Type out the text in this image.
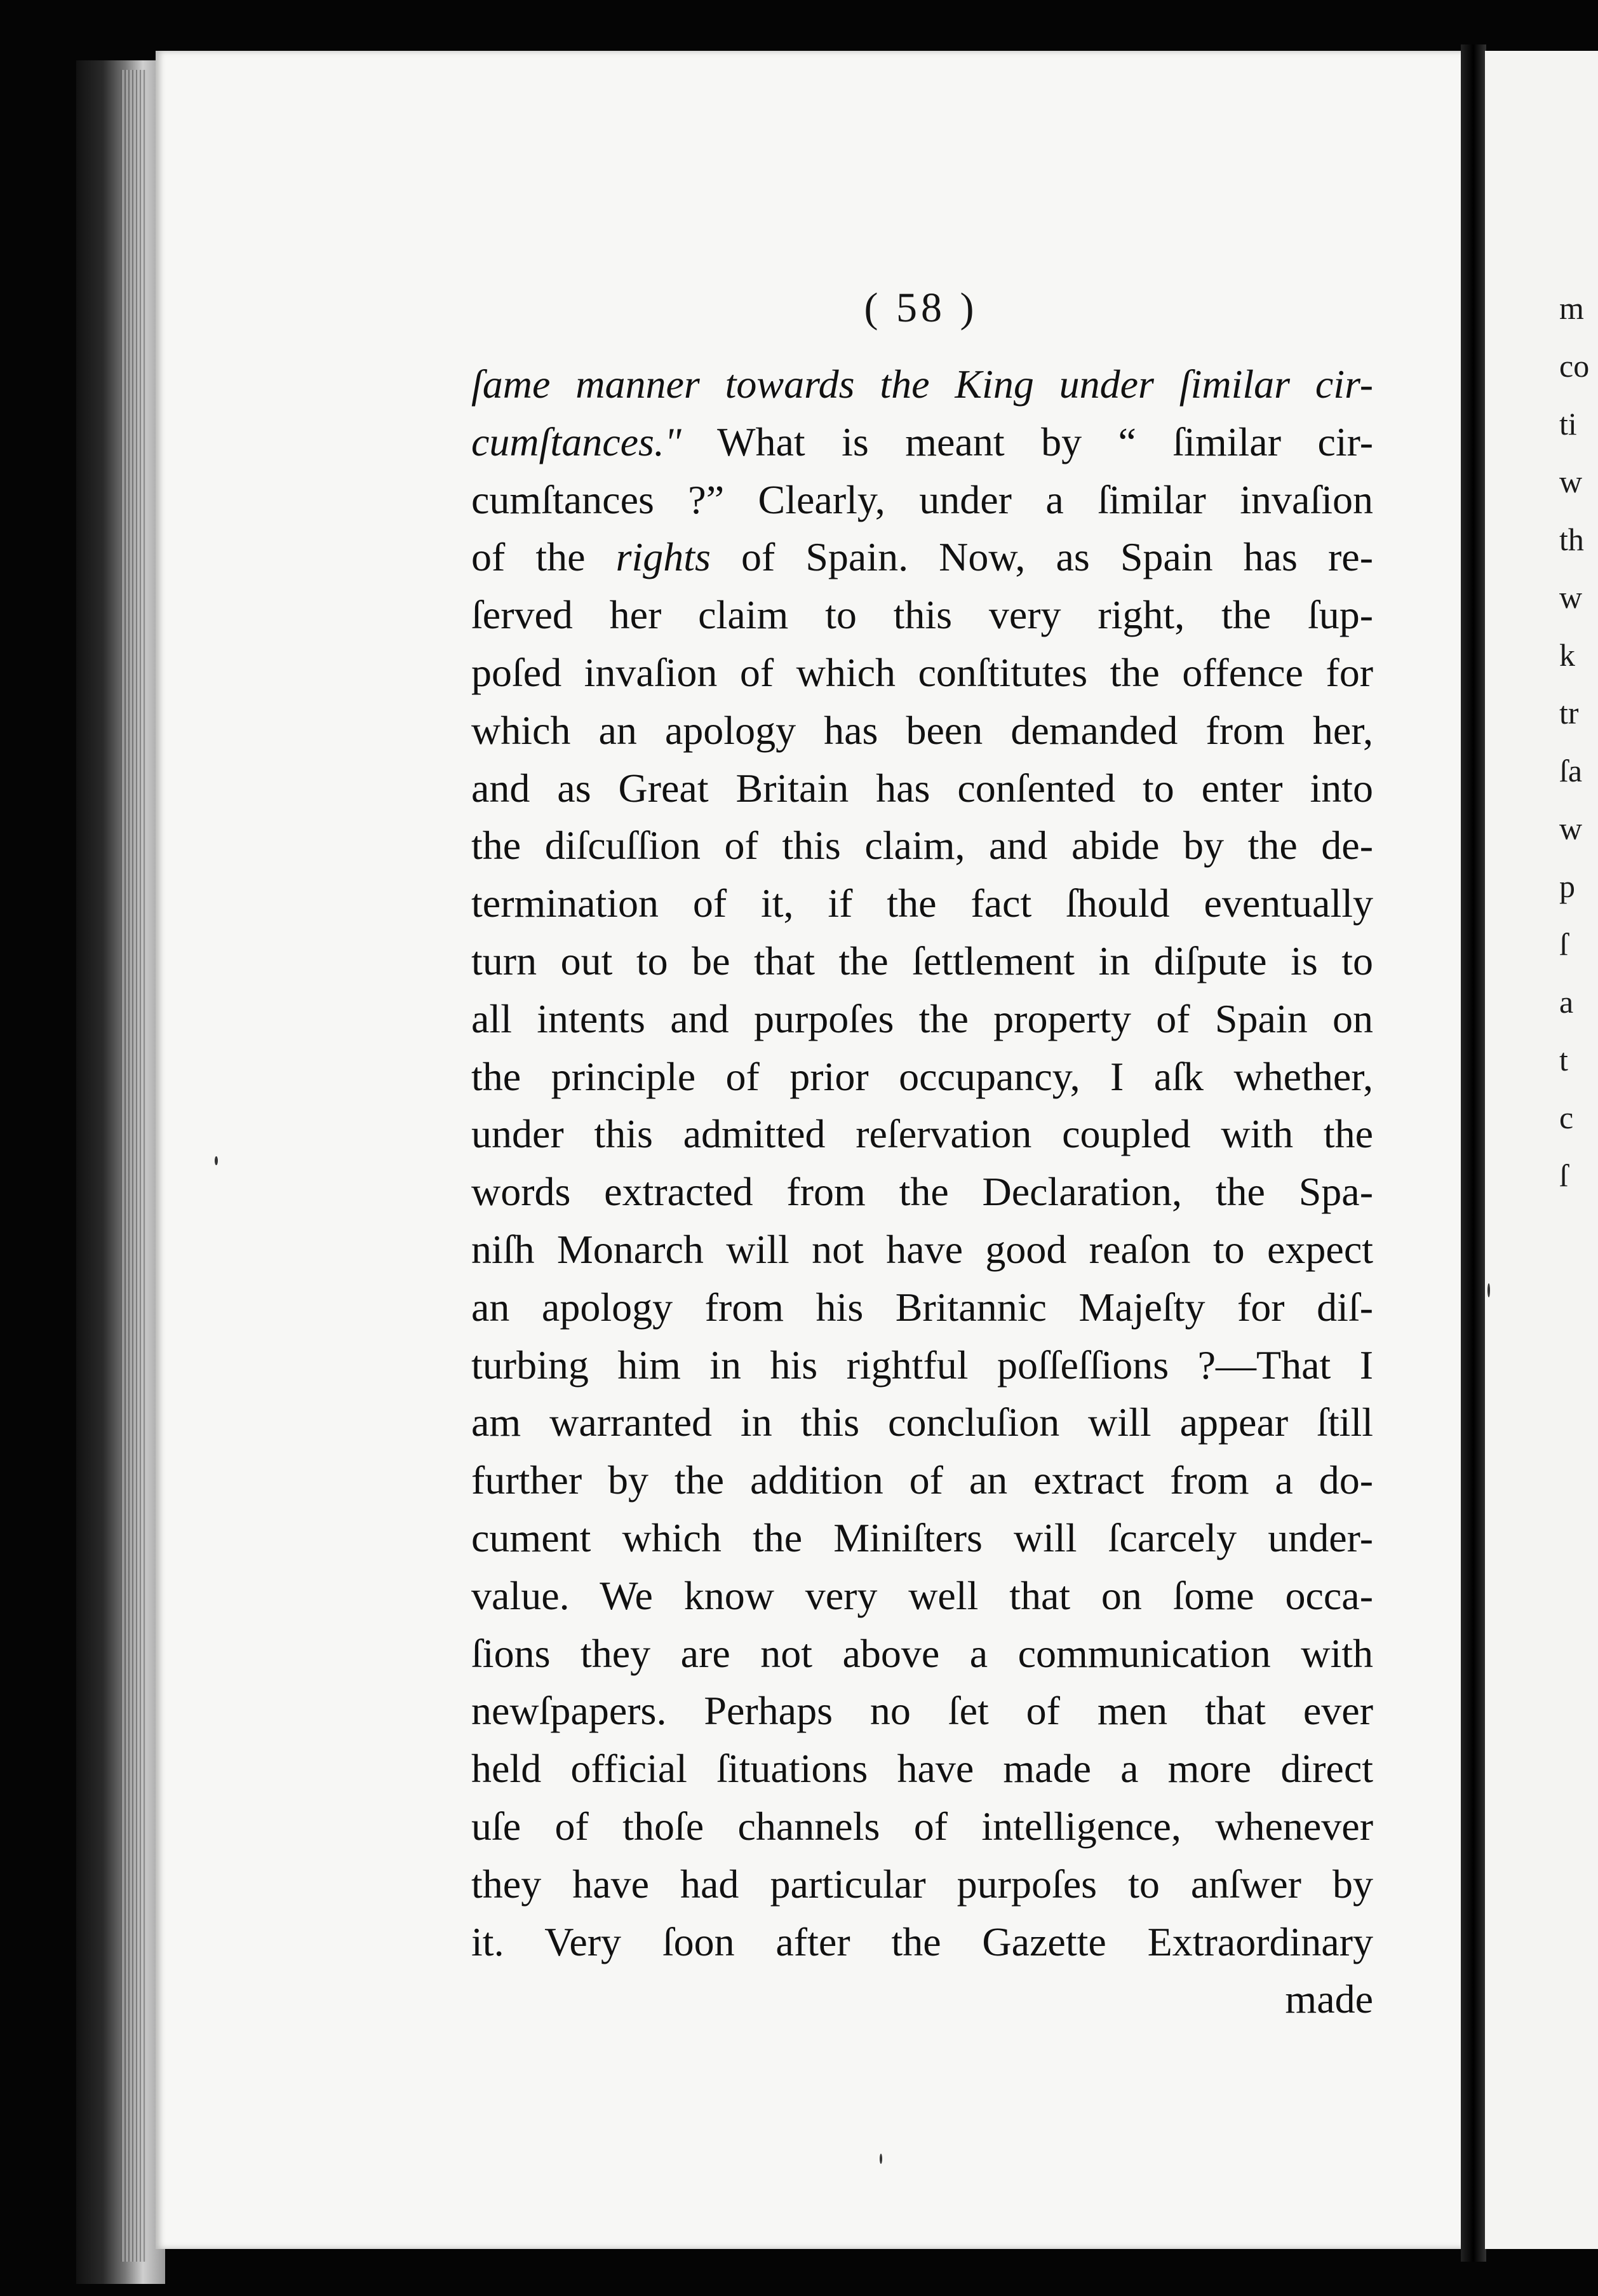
m
co
ti
w
th
w
k
tr
ſa
w
p
ſ
a
t
c
ſ
( 58 )
ſame manner towards the King under ſimilar cir-
cumſtances." What is meant by “ ſimilar cir-
cumſtances ?” Clearly, under a ſimilar invaſion
of the rights of Spain. Now, as Spain has re-
ſerved her claim to this very right, the ſup-
poſed invaſion of which conſtitutes the offence for
which an apology has been demanded from her,
and as Great Britain has conſented to enter into
the diſcuſſion of this claim, and abide by the de-
termination of it, if the fact ſhould eventually
turn out to be that the ſettlement in diſpute is to
all intents and purpoſes the property of Spain on
the principle of prior occupancy, I aſk whether,
under this admitted reſervation coupled with the
words extracted from the Declaration, the Spa-
niſh Monarch will not have good reaſon to expect
an apology from his Britannic Majeſty for diſ-
turbing him in his rightful poſſeſſions ?—That I
am warranted in this concluſion will appear ſtill
further by the addition of an extract from a do-
cument which the Miniſters will ſcarcely under-
value. We know very well that on ſome occa-
ſions they are not above a communication with
newſpapers. Perhaps no ſet of men that ever
held official ſituations have made a more direct
uſe of thoſe channels of intelligence, whenever
they have had particular purpoſes to anſwer by
it. Very ſoon after the Gazette Extraordinary
made
